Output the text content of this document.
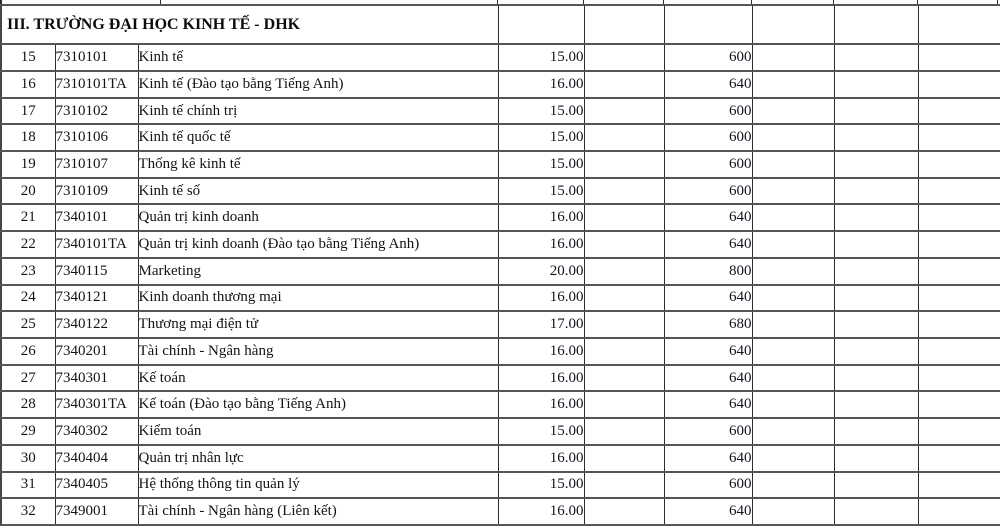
III. TRƯỜNG ĐẠI HỌC KINH TẾ - DHK								
15	7310101	Kinh tế	15.00		600			
16	7310101TA	Kinh tế (Đào tạo bằng Tiếng Anh)	16.00		640			
17	7310102	Kinh tế chính trị	15.00		600			
18	7310106	Kinh tế quốc tế	15.00		600			
19	7310107	Thống kê kinh tế	15.00		600			
20	7310109	Kinh tế số	15.00		600			
21	7340101	Quản trị kinh doanh	16.00		640			
22	7340101TA	Quản trị kinh doanh (Đào tạo bằng Tiếng Anh)	16.00		640			
23	7340115	Marketing	20.00		800			
24	7340121	Kinh doanh thương mại	16.00		640			
25	7340122	Thương mại điện tử	17.00		680			
26	7340201	Tài chính - Ngân hàng	16.00		640			
27	7340301	Kế toán	16.00		640			
28	7340301TA	Kế toán (Đào tạo bằng Tiếng Anh)	16.00		640			
29	7340302	Kiểm toán	15.00		600			
30	7340404	Quản trị nhân lực	16.00		640			
31	7340405	Hệ thống thông tin quản lý	15.00		600			
32	7349001	Tài chính - Ngân hàng (Liên kết)	16.00		640			
